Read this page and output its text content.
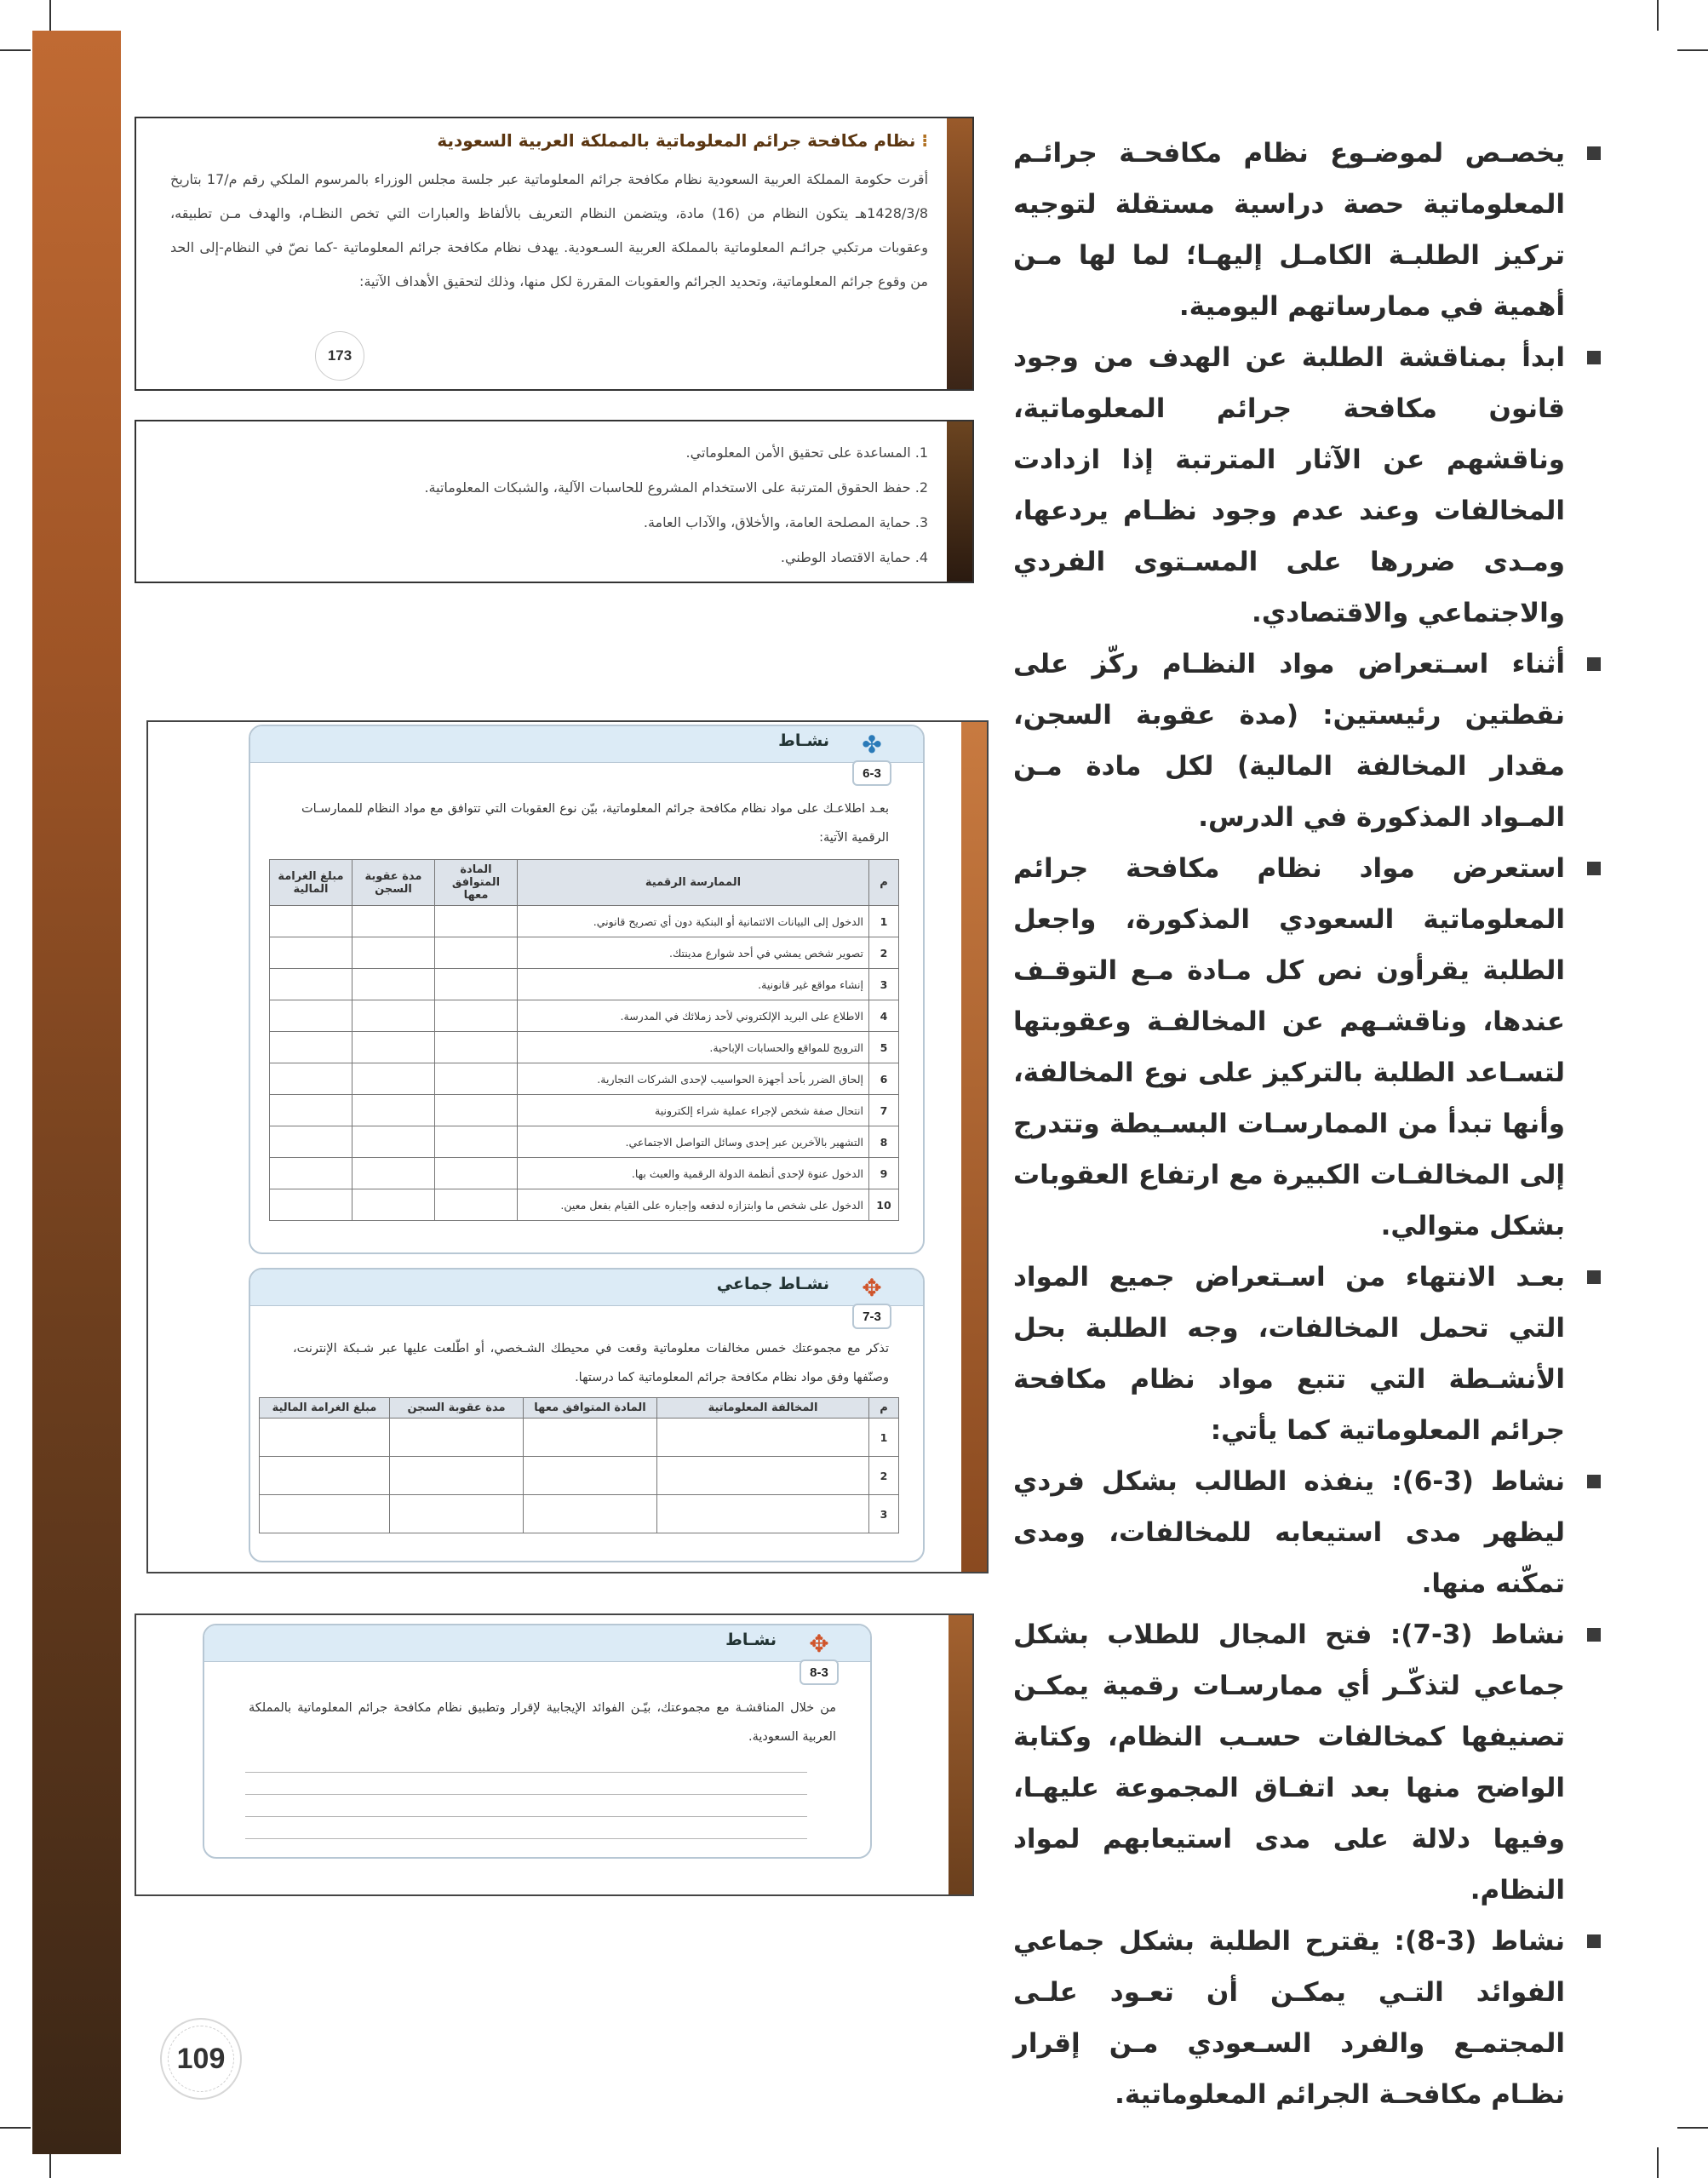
⁝ نظام مكافحة جرائم المعلوماتية بالمملكة العربية السعودية

أقرت حكومة المملكة العربية السعودية نظام مكافحة جرائم المعلوماتية عبر جلسة مجلس الوزراء بالمرسوم الملكي رقم م/17 بتاريخ 1428/3/8هـ يتكون النظام من (16) مادة، ويتضمن النظام التعريف بالألفاظ والعبارات التي تخص النظـام، والهدف مـن تطبيقه، وعقوبات مرتكبي جرائـم المعلوماتية بالمملكة العربية السـعودية. يهدف نظام مكافحة جرائم المعلوماتية -كما نصّ في النظام-إلى الحد من وقوع جرائم المعلوماتية، وتحديد الجرائم والعقوبات المقررة لكل منها، وذلك لتحقيق الأهداف الآتية:

173
1. المساعدة على تحقيق الأمن المعلوماتي.
2. حفظ الحقوق المترتبة على الاستخدام المشروع للحاسبات الآلية، والشبكات المعلوماتية.
3. حماية المصلحة العامة، والأخلاق، والآداب العامة.
4. حماية الاقتصاد الوطني.
نشـاط ✤
6-3

بعـد اطلاعـك على مواد نظام مكافحة جرائم المعلوماتية، بيّن نوع العقوبات التي تتوافق مع مواد النظام للممارسـات الرقمية الآتية:

م	الممارسة الرقمية	المادة المتوافق معها	مدة عقوبة السجن	مبلغ الغرامة المالية
1	الدخول إلى البيانات الائتمانية أو البنكية دون أي تصريح قانوني.			
2	تصوير شخص يمشي في أحد شوارع مدينتك.			
3	إنشاء مواقع غير قانونية.			
4	الاطلاع على البريد الإلكتروني لأحد زملائك في المدرسة.			
5	الترويج للمواقع والحسابات الإباحية.			
6	إلحاق الضرر بأحد أجهزة الحواسيب لإحدى الشركات التجارية.			
7	انتحال صفة شخص لإجراء عملية شراء إلكترونية			
8	التشهير بالآخرين عبر إحدى وسائل التواصل الاجتماعي.			
9	الدخول عنوة لإحدى أنظمة الدولة الرقمية والعبث بها.			
10	الدخول على شخص ما وابتزازه لدفعه وإجباره على القيام بفعل معين.			
نشـاط جماعي ✥
7-3

تذكر مع مجموعتك خمس مخالفات معلوماتية وقعت في محيطك الشـخصي، أو اطّلعت عليها عبر شـبكة الإنترنت، وصنّفها وفق مواد نظام مكافحة جرائم المعلوماتية كما درستها.

م	المخالفة المعلوماتية	المادة المتوافق معها	مدة عقوبة السجن	مبلغ الغرامة المالية
1				
2				
3				
نشـاط ✥
8-3

من خلال المناقشـة مع مجموعتك، بيّـن الفوائد الإيجابية لإقرار وتطبيق نظام مكافحة جرائم المعلوماتية بالمملكة العربية السعودية.

يخصـص لموضـوع نظام مكافحـة جرائـم المعلوماتية حصة دراسية مستقلة لتوجيه تركيز الطلبـة الكامـل إليهـا؛ لما لها مـن أهمية في ممارساتهم اليومية.
ابدأ بمناقشة الطلبة عن الهدف من وجود قانون مكافحة جرائم المعلوماتية، وناقشهم عن الآثار المترتبة إذا ازدادت المخالفات وعند عدم وجود نظـام يردعها، ومـدى ضررها على المسـتوى الفردي والاجتماعي والاقتصادي.
أثناء اسـتعراض مواد النظـام ركّز على نقطتين رئيستين: (مدة عقوبة السجن، مقدار المخالفة المالية) لكل مادة مـن المـواد المذكورة في الدرس.
استعرض مواد نظام مكافحة جرائم المعلوماتية السعودي المذكورة، واجعل الطلبة يقرأون نص كل مـادة مـع التوقـف عندها، وناقشـهم عن المخالفـة وعقوبتها لتسـاعد الطلبة بالتركيز على نوع المخالفة، وأنها تبدأ من الممارسـات البسـيطة وتتدرج إلى المخالفـات الكبيرة مع ارتفاع العقوبات بشكل متوالي.
بعـد الانتهاء من اسـتعراض جميع المواد التي تحمل المخالفات، وجه الطلبة بحل الأنشـطة التي تتبع مواد نظام مكافحة جرائم المعلوماتية كما يأتي:
نشاط (3-6): ينفذه الطالب بشكل فردي ليظهر مدى استيعابه للمخالفات، ومدى تمكّنه منها.
نشاط (3-7): فتح المجال للطلاب بشكل جماعي لتذكّـر أي ممارسـات رقمية يمكـن تصنيفها كمخالفات حسـب النظام، وكتابة الواضح منها بعد اتفـاق المجموعة عليهـا، وفيها دلالة على مدى استيعابهم لمواد النظام.
نشاط (3-8): يقترح الطلبة بشكل جماعي الفوائد التـي يمكـن أن تعـود علـى المجتمـع والفرد السـعودي مـن إقرار نظـام مكافحـة الجرائم المعلوماتية.
109
